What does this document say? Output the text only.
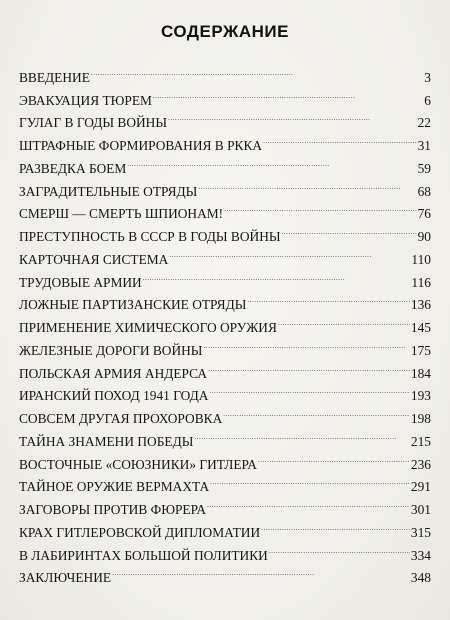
СОДЕРЖАНИЕ
ВВЕДЕНИЕ . . .	3
ЭВАКУАЦИЯ ТЮРЕМ . . .	6
ГУЛАГ В ГОДЫ ВОЙНЫ . . .	22
ШТРАФНЫЕ ФОРМИРОВАНИЯ В РККА . . .	31
РАЗВЕДКА БОЕМ . . .	59
ЗАГРАДИТЕЛЬНЫЕ ОТРЯДЫ . . .	68
СМЕРШ — СМЕРТЬ ШПИОНАМ! . . .	76
ПРЕСТУПНОСТЬ В СССР В ГОДЫ ВОЙНЫ . . .	90
КАРТОЧНАЯ СИСТЕМА . . .	110
ТРУДОВЫЕ АРМИИ . . .	116
ЛОЖНЫЕ ПАРТИЗАНСКИЕ ОТРЯДЫ . . .	136
ПРИМЕНЕНИЕ ХИМИЧЕСКОГО ОРУЖИЯ . . .	145
ЖЕЛЕЗНЫЕ ДОРОГИ ВОЙНЫ . . .	175
ПОЛЬСКАЯ АРМИЯ АНДЕРСА . . .	184
ИРАНСКИЙ ПОХОД 1941 ГОДА . . .	193
СОВСЕМ ДРУГАЯ ПРОХОРОВКА . . .	198
ТАЙНА ЗНАМЕНИ ПОБЕДЫ . . .	215
ВОСТОЧНЫЕ «СОЮЗНИКИ» ГИТЛЕРА . . .	236
ТАЙНОЕ ОРУЖИЕ ВЕРМАХТА . . .	291
ЗАГОВОРЫ ПРОТИВ ФЮРЕРА . . .	301
КРАХ ГИТЛЕРОВСКОЙ ДИПЛОМАТИИ . . .	315
В ЛАБИРИНТАХ БОЛЬШОЙ ПОЛИТИКИ . . .	334
ЗАКЛЮЧЕНИЕ . . .	348
